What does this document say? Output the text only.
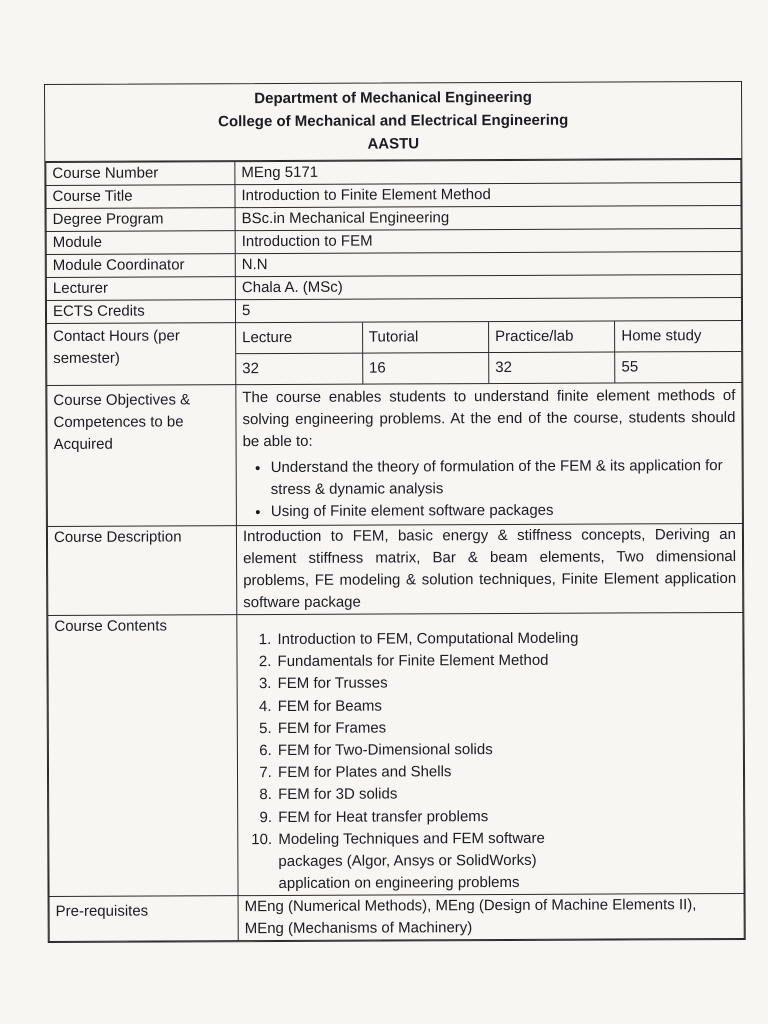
Department of Mechanical Engineering
College of Mechanical and Electrical Engineering
AASTU
Course Number	MEng 5171
Course Title	Introduction to Finite Element Method
Degree Program	BSc.in Mechanical Engineering
Module	Introduction to FEM
Module Coordinator	N.N
Lecturer	Chala A. (MSc)
ECTS Credits	5
Contact Hours (per semester)	
Lecture	Tutorial	Practice/lab	Home study
32	16	32	55

Course Objectives & Competences to be Acquired	
The course enables students to understand finite element methods of solving engineering problems. At the end of the course, students should be able to:
• Understand the theory of formulation of the FEM & its application for stress & dynamic analysis
• Using of Finite element software packages

Course Description	Introduction to FEM, basic energy & stiffness concepts, Deriving an element stiffness matrix, Bar & beam elements, Two dimensional problems, FE modeling & solution techniques, Finite Element application software package
Course Contents	
1. Introduction to FEM, Computational Modeling
2. Fundamentals for Finite Element Method
3. FEM for Trusses
4. FEM for Beams
5. FEM for Frames
6. FEM for Two-Dimensional solids
7. FEM for Plates and Shells
8. FEM for 3D solids
9. FEM for Heat transfer problems
10. Modeling Techniques and FEM software packages (Algor, Ansys or SolidWorks) application on engineering problems

Pre-requisites	MEng (Numerical Methods), MEng (Design of Machine Elements II), MEng (Mechanisms of Machinery)
